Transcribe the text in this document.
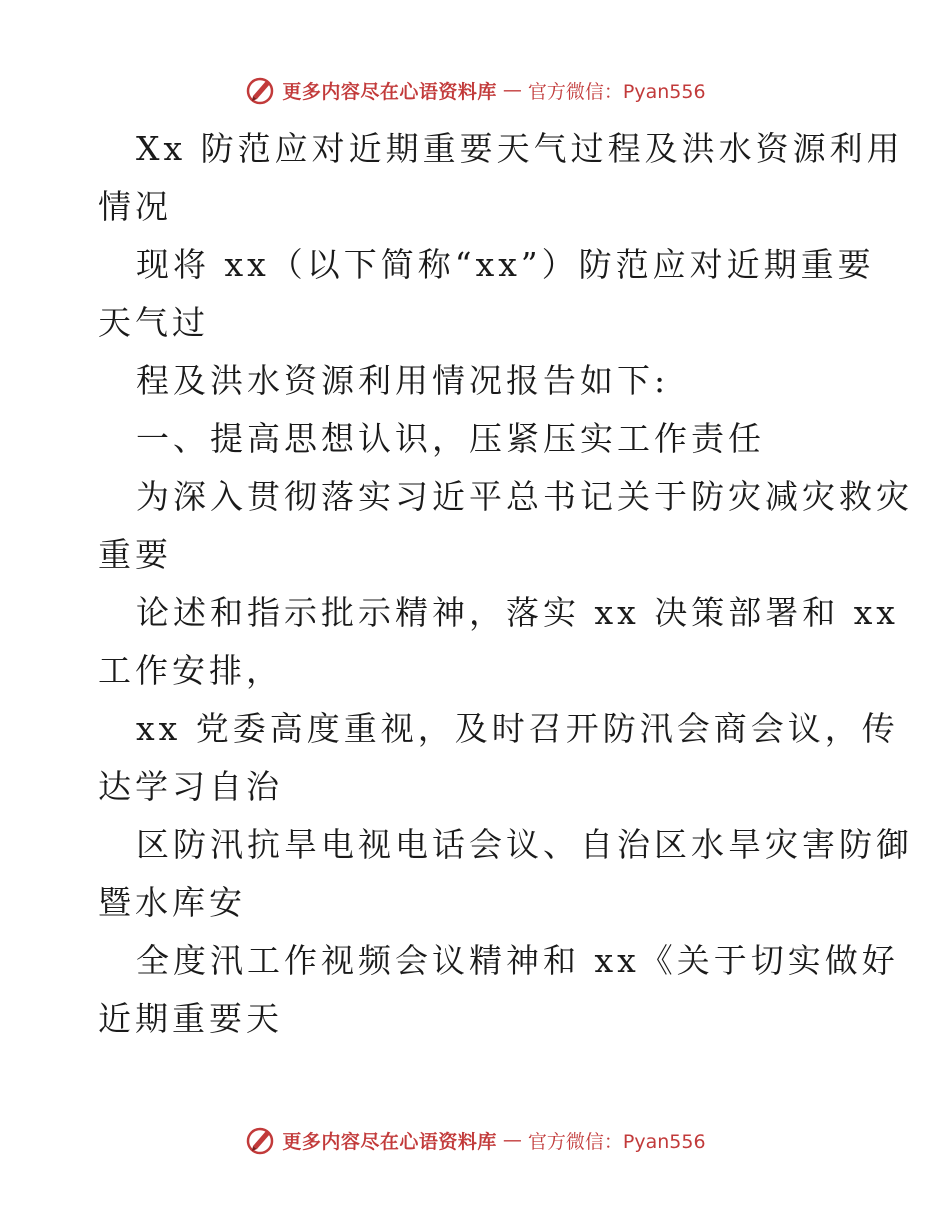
更多内容尽在心语资料库 — 官方微信：Pyan556
Xx 防范应对近期重要天气过程及洪水资源利用
情况
现将 xx（以下简称“xx”）防范应对近期重要
天气过
程及洪水资源利用情况报告如下:
一、提高思想认识，压紧压实工作责任
为深入贯彻落实习近平总书记关于防灾减灾救灾
重要
论述和指示批示精神，落实 xx 决策部署和 xx
工作安排，
xx 党委高度重视，及时召开防汛会商会议，传
达学习自治
区防汛抗旱电视电话会议、自治区水旱灾害防御
暨水库安
全度汛工作视频会议精神和 xx《关于切实做好
近期重要天
更多内容尽在心语资料库 — 官方微信：Pyan556
